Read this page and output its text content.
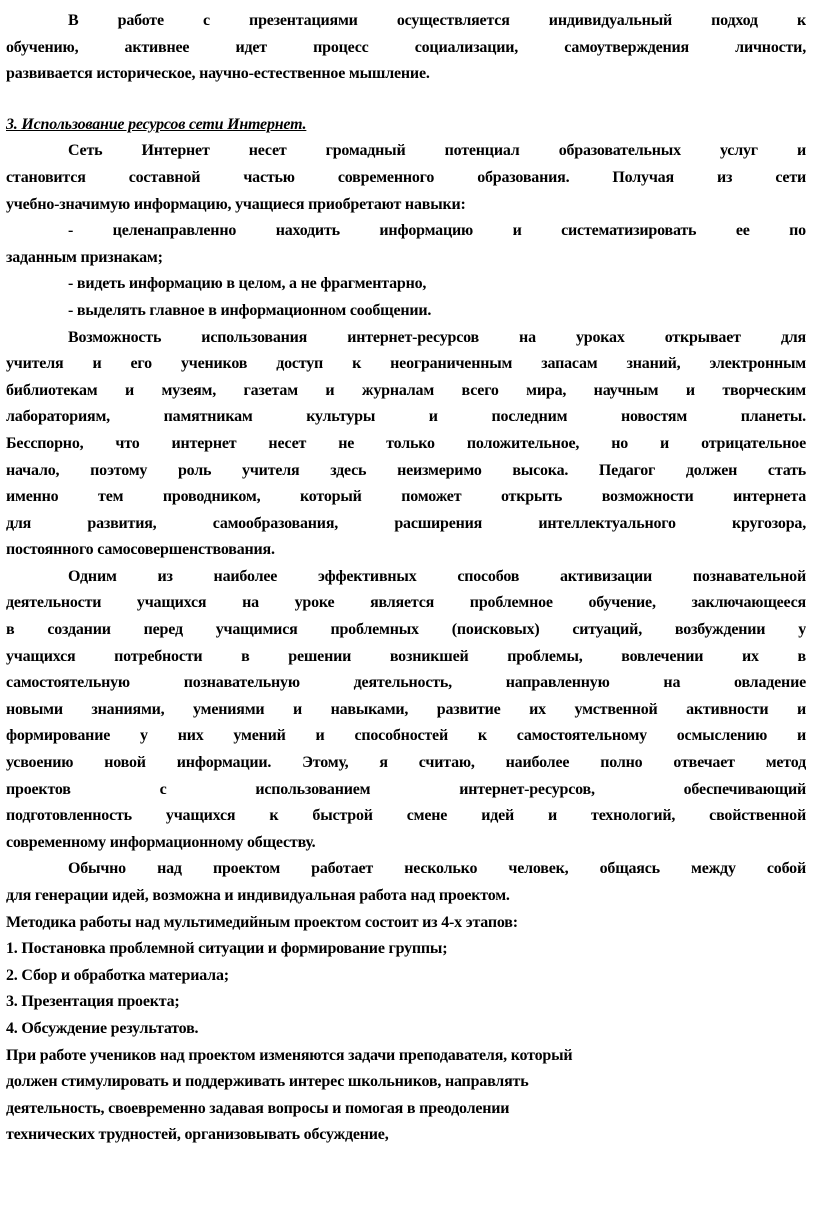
В работе с презентациями осуществляется индивидуальный подход к
обучению, активнее идет процесс социализации, самоутверждения личности,
развивается историческое, научно-естественное мышление.
3. Использование ресурсов сети Интернет.
Сеть Интернет несет громадный потенциал образовательных услуг и
становится составной частью современного образования. Получая из сети
учебно-значимую информацию, учащиеся приобретают навыки:
- целенаправленно находить информацию и систематизировать ее по
заданным признакам;
- видеть информацию в целом, а не фрагментарно,
- выделять главное в информационном сообщении.
Возможность использования интернет-ресурсов на уроках открывает для
учителя и его учеников доступ к неограниченным запасам знаний, электронным
библиотекам и музеям, газетам и журналам всего мира, научным и творческим
лабораториям, памятникам культуры и последним новостям планеты.
Бесспорно, что интернет несет не только положительное, но и отрицательное
начало, поэтому роль учителя здесь неизмеримо высока. Педагог должен стать
именно тем проводником, который поможет открыть возможности интернета
для развития, самообразования, расширения интеллектуального кругозора,
постоянного самосовершенствования.
Одним из наиболее эффективных способов активизации познавательной
деятельности учащихся на уроке является проблемное обучение, заключающееся
в создании перед учащимися проблемных (поисковых) ситуаций, возбуждении у
учащихся потребности в решении возникшей проблемы, вовлечении их в
самостоятельную познавательную деятельность, направленную на овладение
новыми знаниями, умениями и навыками, развитие их умственной активности и
формирование у них умений и способностей к самостоятельному осмыслению и
усвоению новой информации. Этому, я считаю, наиболее полно отвечает метод
проектов с использованием интернет-ресурсов, обеспечивающий
подготовленность учащихся к быстрой смене идей и технологий, свойственной
современному информационному обществу.
Обычно над проектом работает несколько человек, общаясь между собой
для генерации идей, возможна и индивидуальная работа над проектом.
Методика работы над мультимедийным проектом состоит из 4-х этапов:
1. Постановка проблемной ситуации и формирование группы;
2. Сбор и обработка материала;
3. Презентация проекта;
4. Обсуждение результатов.
При работе учеников над проектом изменяются задачи преподавателя, который
должен стимулировать и поддерживать интерес школьников, направлять
деятельность, своевременно задавая вопросы и помогая в преодолении
технических трудностей, организовывать обсуждение,
